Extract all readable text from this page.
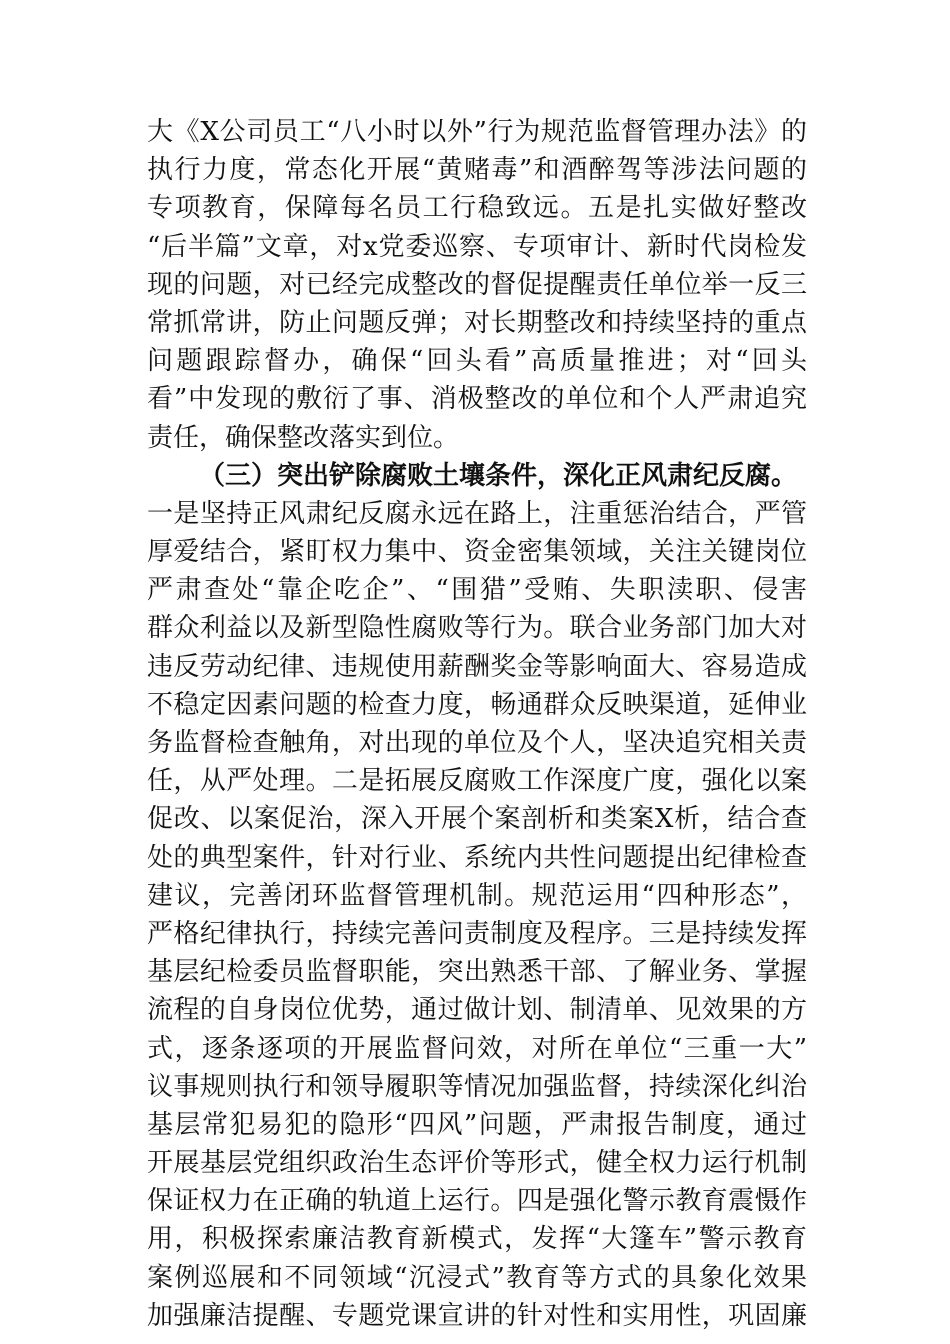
大《X公司员工“八小时以外”行为规范监督管理办法》的
执行力度，常态化开展“黄赌毒”和酒醉驾等涉法问题的
专项教育，保障每名员工行稳致远。五是扎实做好整改
“后半篇”文章，对x党委巡察、专项审计、新时代岗检发
现的问题，对已经完成整改的督促提醒责任单位举一反三
常抓常讲，防止问题反弹；对长期整改和持续坚持的重点
问题跟踪督办，确保“回头看”高质量推进；对“回头
看”中发现的敷衍了事、消极整改的单位和个人严肃追究
责任，确保整改落实到位。
（三）突出铲除腐败土壤条件，深化正风肃纪反腐。
一是坚持正风肃纪反腐永远在路上，注重惩治结合，严管
厚爱结合，紧盯权力集中、资金密集领域，关注关键岗位
严肃查处“靠企吃企”、“围猎”受贿、失职渎职、侵害
群众利益以及新型隐性腐败等行为。联合业务部门加大对
违反劳动纪律、违规使用薪酬奖金等影响面大、容易造成
不稳定因素问题的检查力度，畅通群众反映渠道，延伸业
务监督检查触角，对出现的单位及个人，坚决追究相关责
任，从严处理。二是拓展反腐败工作深度广度，强化以案
促改、以案促治，深入开展个案剖析和类案X析，结合查
处的典型案件，针对行业、系统内共性问题提出纪律检查
建议，完善闭环监督管理机制。规范运用“四种形态”，
严格纪律执行，持续完善问责制度及程序。三是持续发挥
基层纪检委员监督职能，突出熟悉干部、了解业务、掌握
流程的自身岗位优势，通过做计划、制清单、见效果的方
式，逐条逐项的开展监督问效，对所在单位“三重一大”
议事规则执行和领导履职等情况加强监督，持续深化纠治
基层常犯易犯的隐形“四风”问题，严肃报告制度，通过
开展基层党组织政治生态评价等形式，健全权力运行机制
保证权力在正确的轨道上运行。四是强化警示教育震慑作
用，积极探索廉洁教育新模式，发挥“大篷车”警示教育
案例巡展和不同领域“沉浸式”教育等方式的具象化效果
加强廉洁提醒、专题党课宣讲的针对性和实用性，巩固廉
